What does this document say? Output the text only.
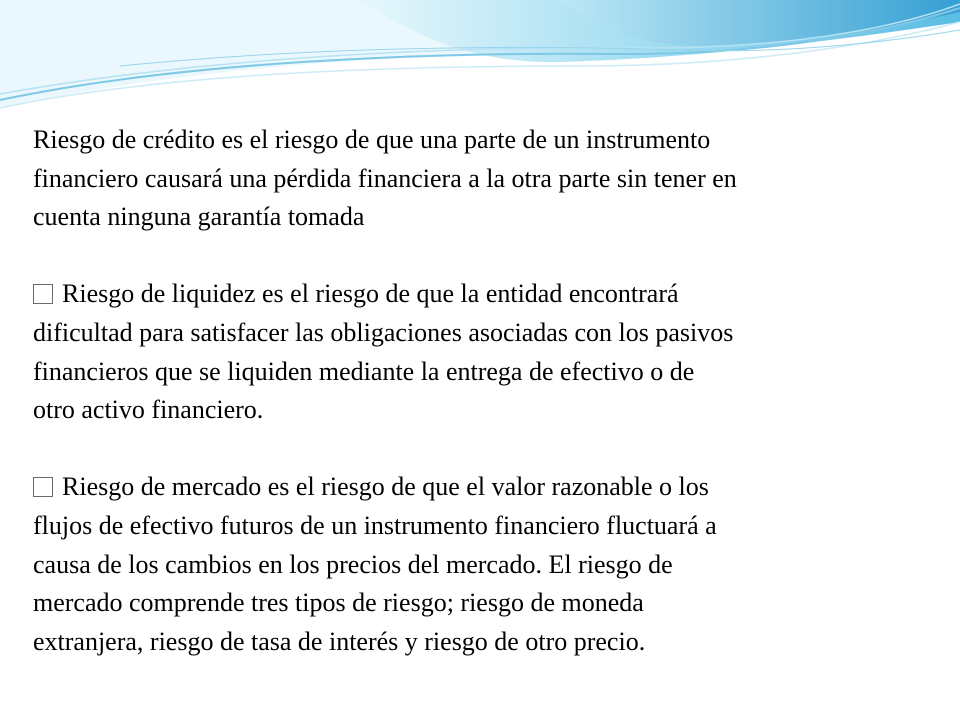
Riesgo de crédito es el riesgo de que una parte de un instrumento
financiero causará una pérdida financiera a la otra parte sin tener en
cuenta ninguna garantía tomada
Riesgo de liquidez es el riesgo de que la entidad encontrará
dificultad para satisfacer las obligaciones asociadas con los pasivos
financieros que se liquiden mediante la entrega de efectivo o de
otro activo financiero.
Riesgo de mercado es el riesgo de que el valor razonable o los
flujos de efectivo futuros de un instrumento financiero fluctuará a
causa de los cambios en los precios del mercado. El riesgo de
mercado comprende tres tipos de riesgo; riesgo de moneda
extranjera, riesgo de tasa de interés y riesgo de otro precio.
